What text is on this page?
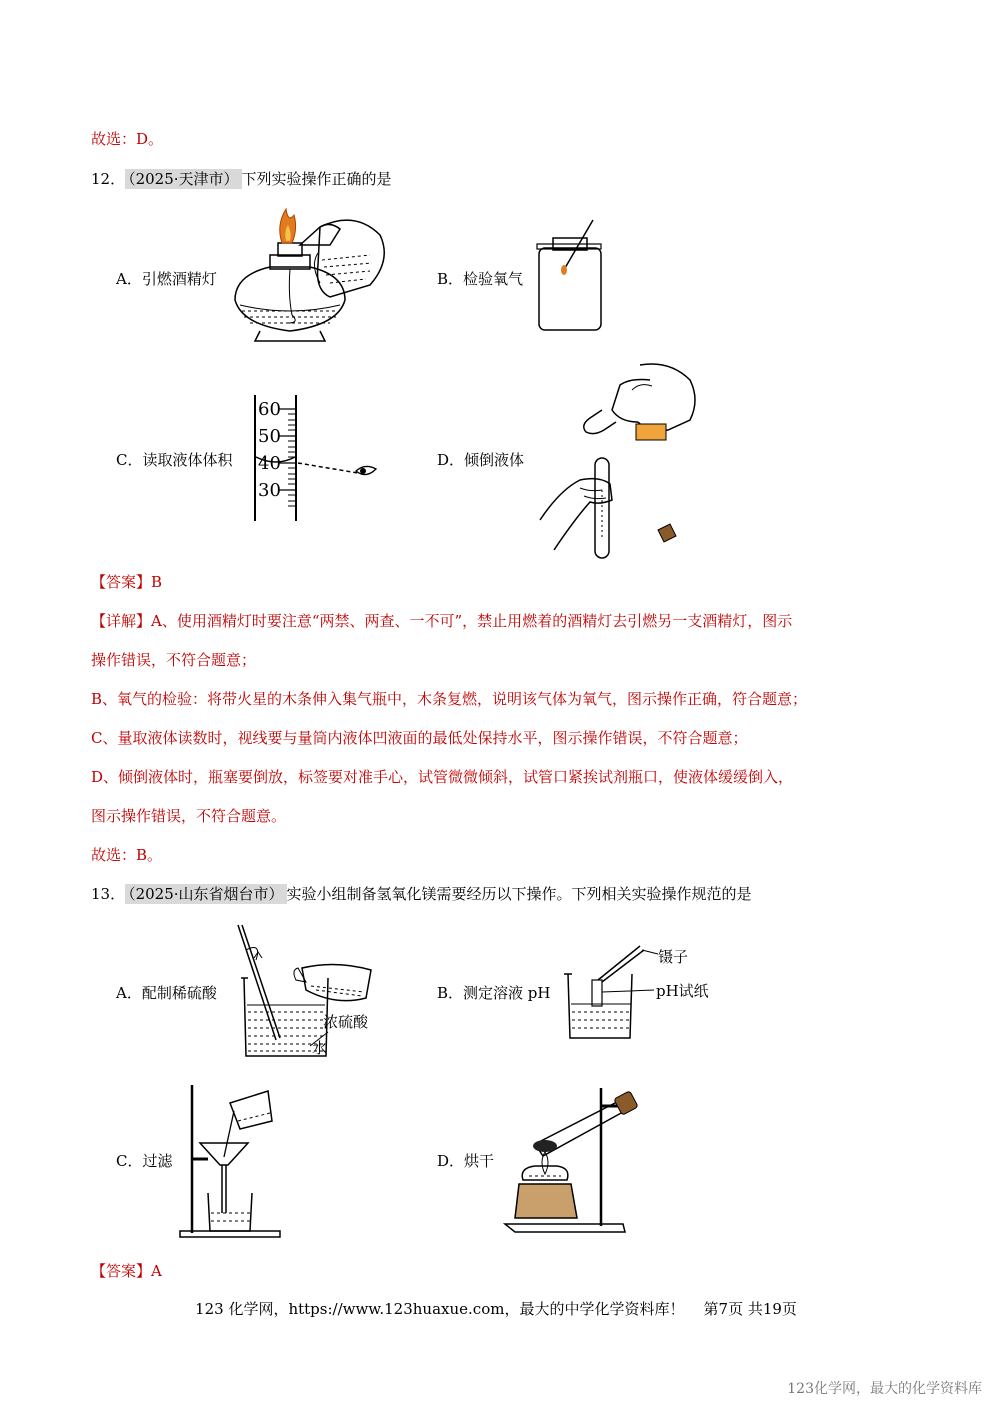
故选：D。
12． （2025·天津市） 下列实验操作正确的是
A．引燃酒精灯	B．检验氧气
C．读取液体体积	D．倾倒液体
60
50
40
30
【答案】B
【详解】A、使用酒精灯时要注意“两禁、两查、一不可”，禁止用燃着的酒精灯去引燃另一支酒精灯，图示
操作错误，不符合题意；
B、氧气的检验：将带火星的木条伸入集气瓶中，木条复燃，说明该气体为氧气，图示操作正确，符合题意；
C、量取液体读数时，视线要与量筒内液体凹液面的最低处保持水平，图示操作错误，不符合题意；
D、倾倒液体时，瓶塞要倒放，标签要对准手心，试管微微倾斜，试管口紧挨试剂瓶口，使液体缓缓倒入，
图示操作错误，不符合题意。
故选：B。
13． （2025·山东省烟台市） 实验小组制备氢氧化镁需要经历以下操作。下列相关实验操作规范的是
A．配制稀硫酸	B．测定溶液 pH
C．过滤	D．烘干
浓硫酸
水
镊子
pH试纸
【答案】A
123 化学网，https://www.123huaxue.com，最大的中学化学资料库！ 第7页 共19页
123化学网，最大的化学资料库
